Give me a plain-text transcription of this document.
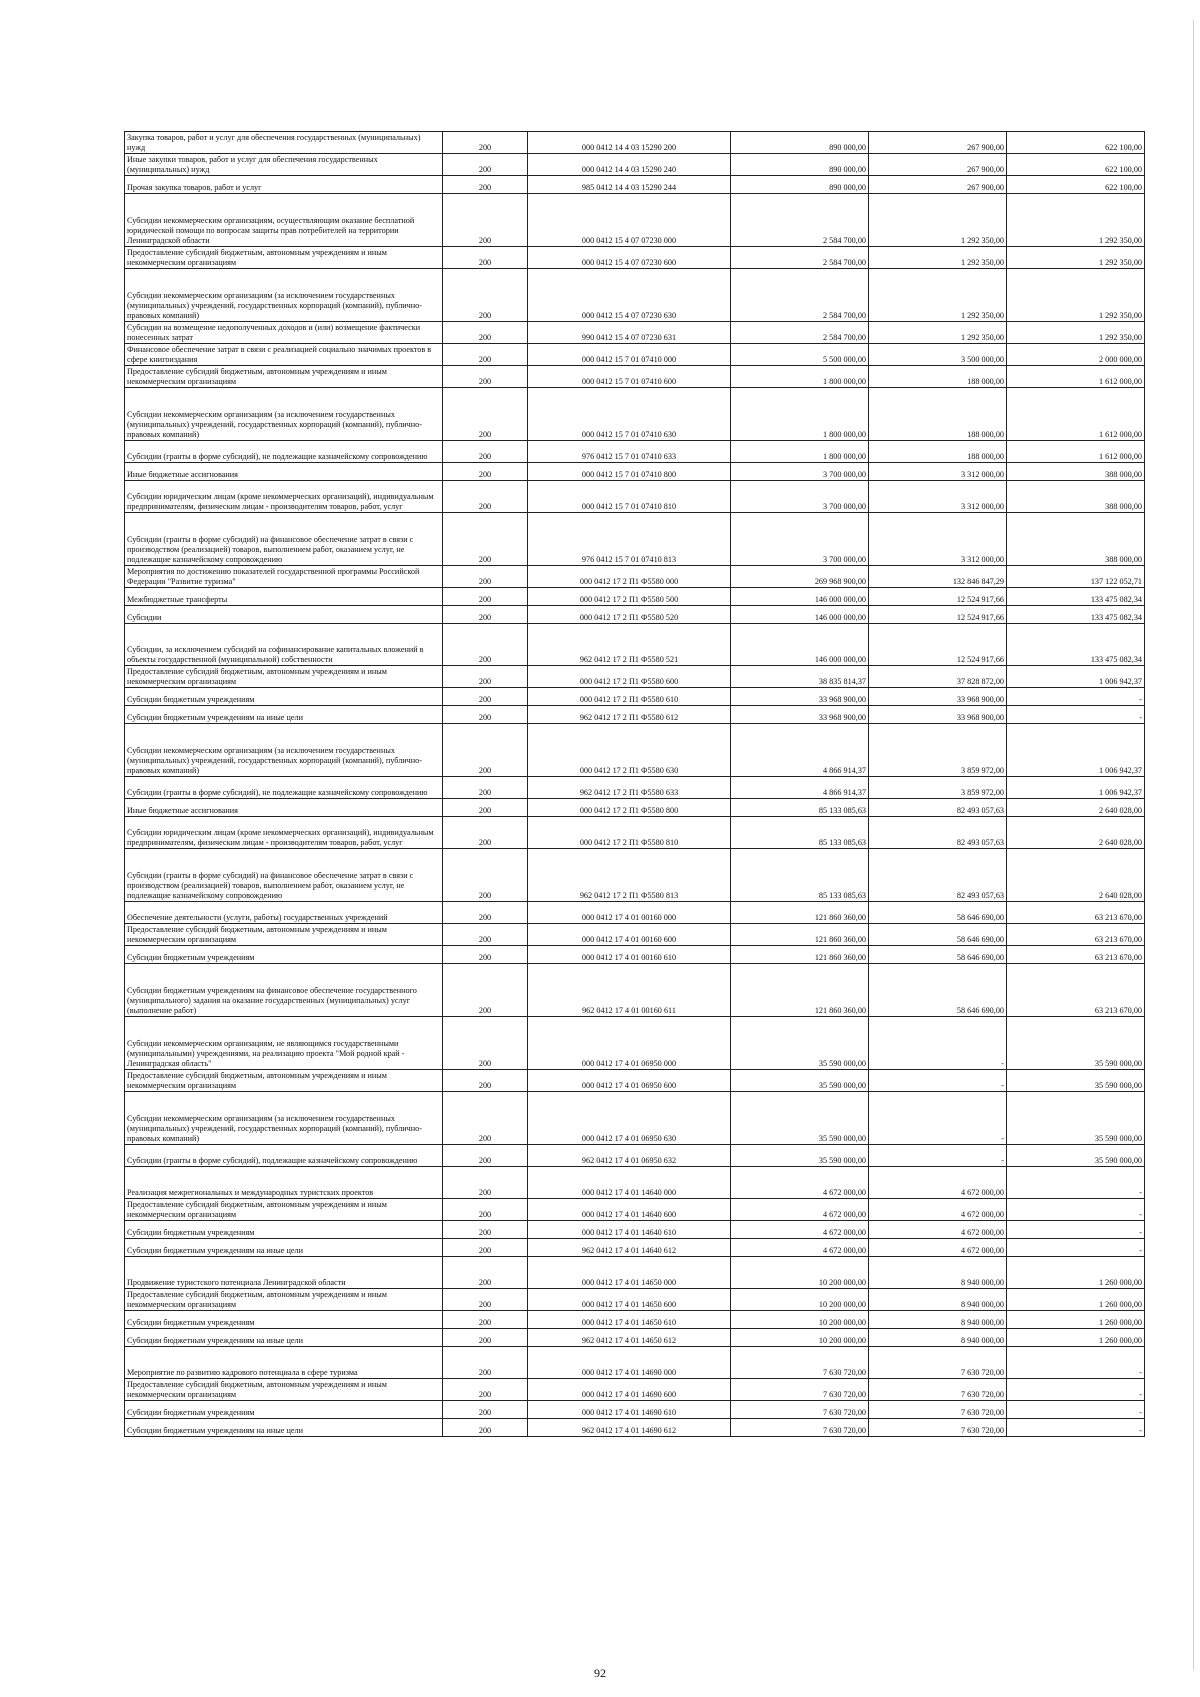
Закупка товаров, работ и услуг для обеспечения государственных (муниципальных) нужд	200	000 0412 14 4 03 15290 200	890 000,00	267 900,00	622 100,00
Иные закупки товаров, работ и услуг для обеспечения государственных (муниципальных) нужд	200	000 0412 14 4 03 15290 240	890 000,00	267 900,00	622 100,00
Прочая закупка товаров, работ и услуг	200	985 0412 14 4 03 15290 244	890 000,00	267 900,00	622 100,00
Субсидии некоммерческим организациям, осуществляющим оказание бесплатной юридической помощи по вопросам защиты прав потребителей на территории Ленинградской области	200	000 0412 15 4 07 07230 000	2 584 700,00	1 292 350,00	1 292 350,00
Предоставление субсидий бюджетным, автономным учреждениям и иным некоммерческим организациям	200	000 0412 15 4 07 07230 600	2 584 700,00	1 292 350,00	1 292 350,00
Субсидии некоммерческим организациям (за исключением государственных (муниципальных) учреждений, государственных корпораций (компаний), публично-правовых компаний)	200	000 0412 15 4 07 07230 630	2 584 700,00	1 292 350,00	1 292 350,00
Субсидии на возмещение недополученных доходов и (или) возмещение фактически понесенных затрат	200	990 0412 15 4 07 07230 631	2 584 700,00	1 292 350,00	1 292 350,00
Финансовое обеспечение затрат в связи с реализацией социально значимых проектов в сфере книгоиздания	200	000 0412 15 7 01 07410 000	5 500 000,00	3 500 000,00	2 000 000,00
Предоставление субсидий бюджетным, автономным учреждениям и иным некоммерческим организациям	200	000 0412 15 7 01 07410 600	1 800 000,00	188 000,00	1 612 000,00
Субсидии некоммерческим организациям (за исключением государственных (муниципальных) учреждений, государственных корпораций (компаний), публично-правовых компаний)	200	000 0412 15 7 01 07410 630	1 800 000,00	188 000,00	1 612 000,00
Субсидии (гранты в форме субсидий), не подлежащие казначейскому сопровождению	200	976 0412 15 7 01 07410 633	1 800 000,00	188 000,00	1 612 000,00
Иные бюджетные ассигнования	200	000 0412 15 7 01 07410 800	3 700 000,00	3 312 000,00	388 000,00
Субсидии юридическим лицам (кроме некоммерческих организаций), индивидуальным предпринимателям, физическим лицам - производителям товаров, работ, услуг	200	000 0412 15 7 01 07410 810	3 700 000,00	3 312 000,00	388 000,00
Субсидии (гранты в форме субсидий) на финансовое обеспечение затрат в связи с производством (реализацией) товаров, выполнением работ, оказанием услуг, не подлежащие казначейскому сопровождению	200	976 0412 15 7 01 07410 813	3 700 000,00	3 312 000,00	388 000,00
Мероприятия по достижению показателей государственной программы Российской Федерации "Развитие туризма"	200	000 0412 17 2 П1 Ф5580 000	269 968 900,00	132 846 847,29	137 122 052,71
Межбюджетные трансферты	200	000 0412 17 2 П1 Ф5580 500	146 000 000,00	12 524 917,66	133 475 082,34
Субсидии	200	000 0412 17 2 П1 Ф5580 520	146 000 000,00	12 524 917,66	133 475 082,34
Субсидии, за исключением субсидий на софинансирование капитальных вложений в объекты государственной (муниципальной) собственности	200	962 0412 17 2 П1 Ф5580 521	146 000 000,00	12 524 917,66	133 475 082,34
Предоставление субсидий бюджетным, автономным учреждениям и иным некоммерческим организациям	200	000 0412 17 2 П1 Ф5580 600	38 835 814,37	37 828 872,00	1 006 942,37
Субсидии бюджетным учреждениям	200	000 0412 17 2 П1 Ф5580 610	33 968 900,00	33 968 900,00	-
Субсидии бюджетным учреждениям на иные цели	200	962 0412 17 2 П1 Ф5580 612	33 968 900,00	33 968 900,00	-
Субсидии некоммерческим организациям (за исключением государственных (муниципальных) учреждений, государственных корпораций (компаний), публично-правовых компаний)	200	000 0412 17 2 П1 Ф5580 630	4 866 914,37	3 859 972,00	1 006 942,37
Субсидии (гранты в форме субсидий), не подлежащие казначейскому сопровождению	200	962 0412 17 2 П1 Ф5580 633	4 866 914,37	3 859 972,00	1 006 942,37
Иные бюджетные ассигнования	200	000 0412 17 2 П1 Ф5580 800	85 133 085,63	82 493 057,63	2 640 028,00
Субсидии юридическим лицам (кроме некоммерческих организаций), индивидуальным предпринимателям, физическим лицам - производителям товаров, работ, услуг	200	000 0412 17 2 П1 Ф5580 810	85 133 085,63	82 493 057,63	2 640 028,00
Субсидии (гранты в форме субсидий) на финансовое обеспечение затрат в связи с производством (реализацией) товаров, выполнением работ, оказанием услуг, не подлежащие казначейскому сопровождению	200	962 0412 17 2 П1 Ф5580 813	85 133 085,63	82 493 057,63	2 640 028,00
Обеспечение деятельности (услуги, работы) государственных учреждений	200	000 0412 17 4 01 00160 000	121 860 360,00	58 646 690,00	63 213 670,00
Предоставление субсидий бюджетным, автономным учреждениям и иным некоммерческим организациям	200	000 0412 17 4 01 00160 600	121 860 360,00	58 646 690,00	63 213 670,00
Субсидии бюджетным учреждениям	200	000 0412 17 4 01 00160 610	121 860 360,00	58 646 690,00	63 213 670,00
Субсидии бюджетным учреждениям на финансовое обеспечение государственного (муниципального) задания на оказание государственных (муниципальных) услуг (выполнение работ)	200	962 0412 17 4 01 00160 611	121 860 360,00	58 646 690,00	63 213 670,00
Субсидии некоммерческим организациям, не являющимся государственными (муниципальными) учреждениями, на реализацию проекта "Мой родной край - Ленинградская область"	200	000 0412 17 4 01 06950 000	35 590 000,00	-	35 590 000,00
Предоставление субсидий бюджетным, автономным учреждениям и иным некоммерческим организациям	200	000 0412 17 4 01 06950 600	35 590 000,00	-	35 590 000,00
Субсидии некоммерческим организациям (за исключением государственных (муниципальных) учреждений, государственных корпораций (компаний), публично-правовых компаний)	200	000 0412 17 4 01 06950 630	35 590 000,00	-	35 590 000,00
Субсидии (гранты в форме субсидий), подлежащие казначейскому сопровождению	200	962 0412 17 4 01 06950 632	35 590 000,00	-	35 590 000,00
Реализация межрегиональных и международных туристских проектов	200	000 0412 17 4 01 14640 000	4 672 000,00	4 672 000,00	-
Предоставление субсидий бюджетным, автономным учреждениям и иным некоммерческим организациям	200	000 0412 17 4 01 14640 600	4 672 000,00	4 672 000,00	-
Субсидии бюджетным учреждениям	200	000 0412 17 4 01 14640 610	4 672 000,00	4 672 000,00	-
Субсидии бюджетным учреждениям на иные цели	200	962 0412 17 4 01 14640 612	4 672 000,00	4 672 000,00	-
Продвижение туристского потенциала Ленинградской области	200	000 0412 17 4 01 14650 000	10 200 000,00	8 940 000,00	1 260 000,00
Предоставление субсидий бюджетным, автономным учреждениям и иным некоммерческим организациям	200	000 0412 17 4 01 14650 600	10 200 000,00	8 940 000,00	1 260 000,00
Субсидии бюджетным учреждениям	200	000 0412 17 4 01 14650 610	10 200 000,00	8 940 000,00	1 260 000,00
Субсидии бюджетным учреждениям на иные цели	200	962 0412 17 4 01 14650 612	10 200 000,00	8 940 000,00	1 260 000,00
Мероприятие по развитию кадрового потенциала в сфере туризма	200	000 0412 17 4 01 14690 000	7 630 720,00	7 630 720,00	-
Предоставление субсидий бюджетным, автономным учреждениям и иным некоммерческим организациям	200	000 0412 17 4 01 14690 600	7 630 720,00	7 630 720,00	-
Субсидии бюджетным учреждениям	200	000 0412 17 4 01 14690 610	7 630 720,00	7 630 720,00	-
Субсидии бюджетным учреждениям на иные цели	200	962 0412 17 4 01 14690 612	7 630 720,00	7 630 720,00	-
92
